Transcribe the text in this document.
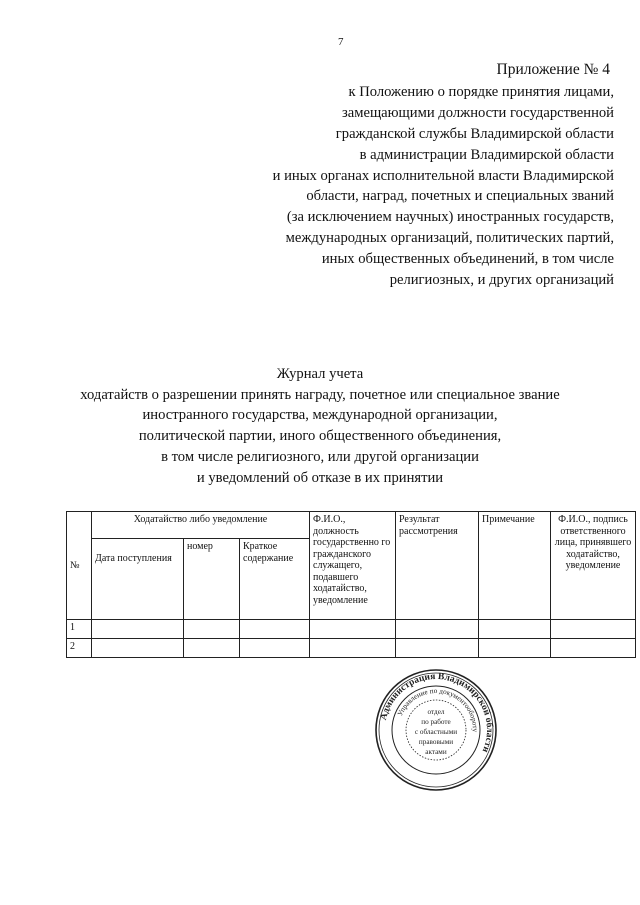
7
Приложение № 4
к Положению о порядке принятия лицами,
замещающими должности государственной
гражданской службы Владимирской области
в администрации Владимирской области
и иных органах исполнительной власти Владимирской
области, наград, почетных и специальных званий
(за исключением научных) иностранных государств,
международных организаций, политических партий,
иных общественных объединений, в том числе
религиозных, и других организаций
Журнал учета
ходатайств о разрешении принять награду, почетное или специальное звание
иностранного государства, международной организации,
политической партии, иного общественного объединения,
в том числе религиозного, или другой организации
и уведомлений об отказе в их принятии
№	Ходатайство либо уведомление			Ф.И.О., должность государственно го гражданского служащего, подавшего ходатайство, уведомление	Результат рассмотрения	Примечание	Ф.И.О., подпись ответственного лица, принявшего ходатайство, уведомление
	Дата поступления	номер	Краткое содержание				
1							
2							
Администрация Владимирской области
Управление по документообороту
отдел
по работе
с областными
правовыми
актами
